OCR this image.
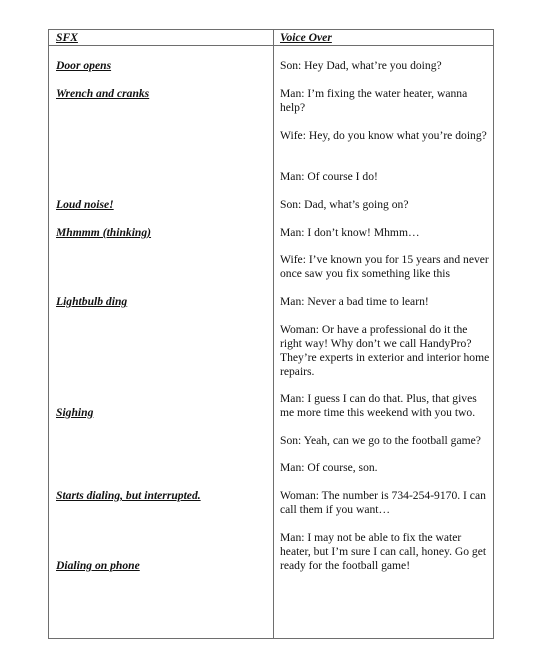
SFX	Voice Over

Door opens

Wrench and cranks

Loud noise!

Mhmmm (thinking)

Lightbulb ding

Sighing

Starts dialing, but interrupted.

Dialing on phone

Son: Hey Dad, what’re you doing?

Man: I’m fixing the water heater, wanna help?

Wife: Hey, do you know what you’re doing?

Man: Of course I do!

Son: Dad, what’s going on?

Man: I don’t know! Mhmm…

Wife: I’ve known you for 15 years and never once saw you fix something like this

Man: Never a bad time to learn!

Woman: Or have a professional do it the right way! Why don’t we call HandyPro? They’re experts in exterior and interior home repairs.

Man: I guess I can do that. Plus, that gives me more time this weekend with you two.

Son: Yeah, can we go to the football game?

Man: Of course, son.

Woman: The number is 734-254-9170. I can call them if you want…

Man: I may not be able to fix the water heater, but I’m sure I can call, honey. Go get ready for the football game!
